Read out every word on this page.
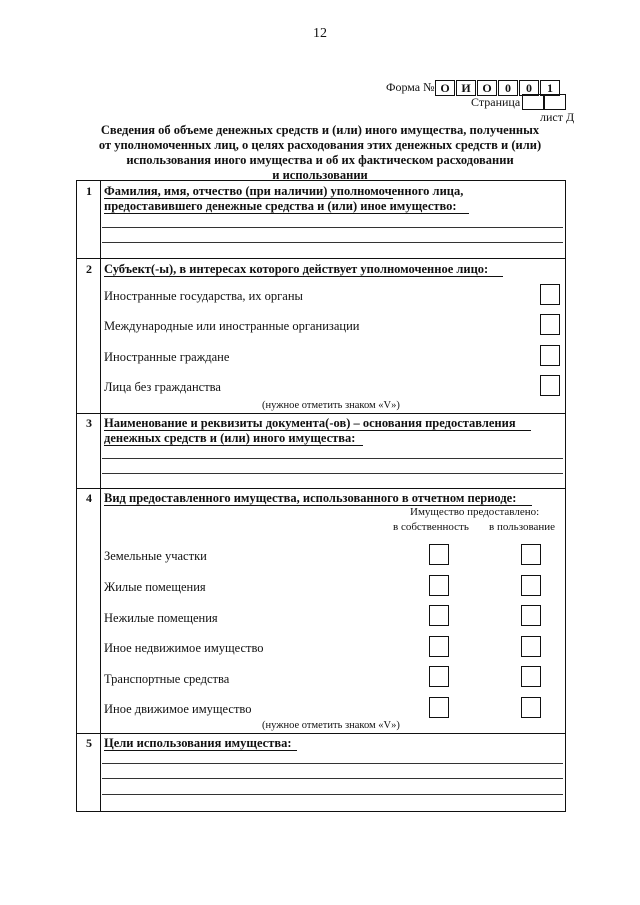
12
Форма № О И О	0	0	1
Страница
лист Д
Сведения об объеме денежных средств и (или) иного имущества, полученных
от уполномоченных лиц, о целях расходования этих денежных средств и (или)
использования иного имущества и об их фактическом расходовании
и использовании
1 Фамилия, имя, отчество (при наличии) уполномоченного лица,
предоставившего денежные средства и (или) иное имущество:
2 Субъект(-ы), в интересах которого действует уполномоченное лицо:
Иностранные государства, их органы
Международные или иностранные организации
Иностранные граждане
Лица без гражданства
(нужное отметить знаком «V»)
3 Наименование и реквизиты документа(-ов) – основания предоставления
денежных средств и (или) иного имущества:
4 Вид предоставленного имущества, использованного в отчетном периоде:
Имущество предоставлено:
в собственность в пользование
Земельные участки
Жилые помещения
Нежилые помещения
Иное недвижимое имущество
Транспортные средства
Иное движимое имущество
(нужное отметить знаком «V»)
5 Цели использования имущества:
